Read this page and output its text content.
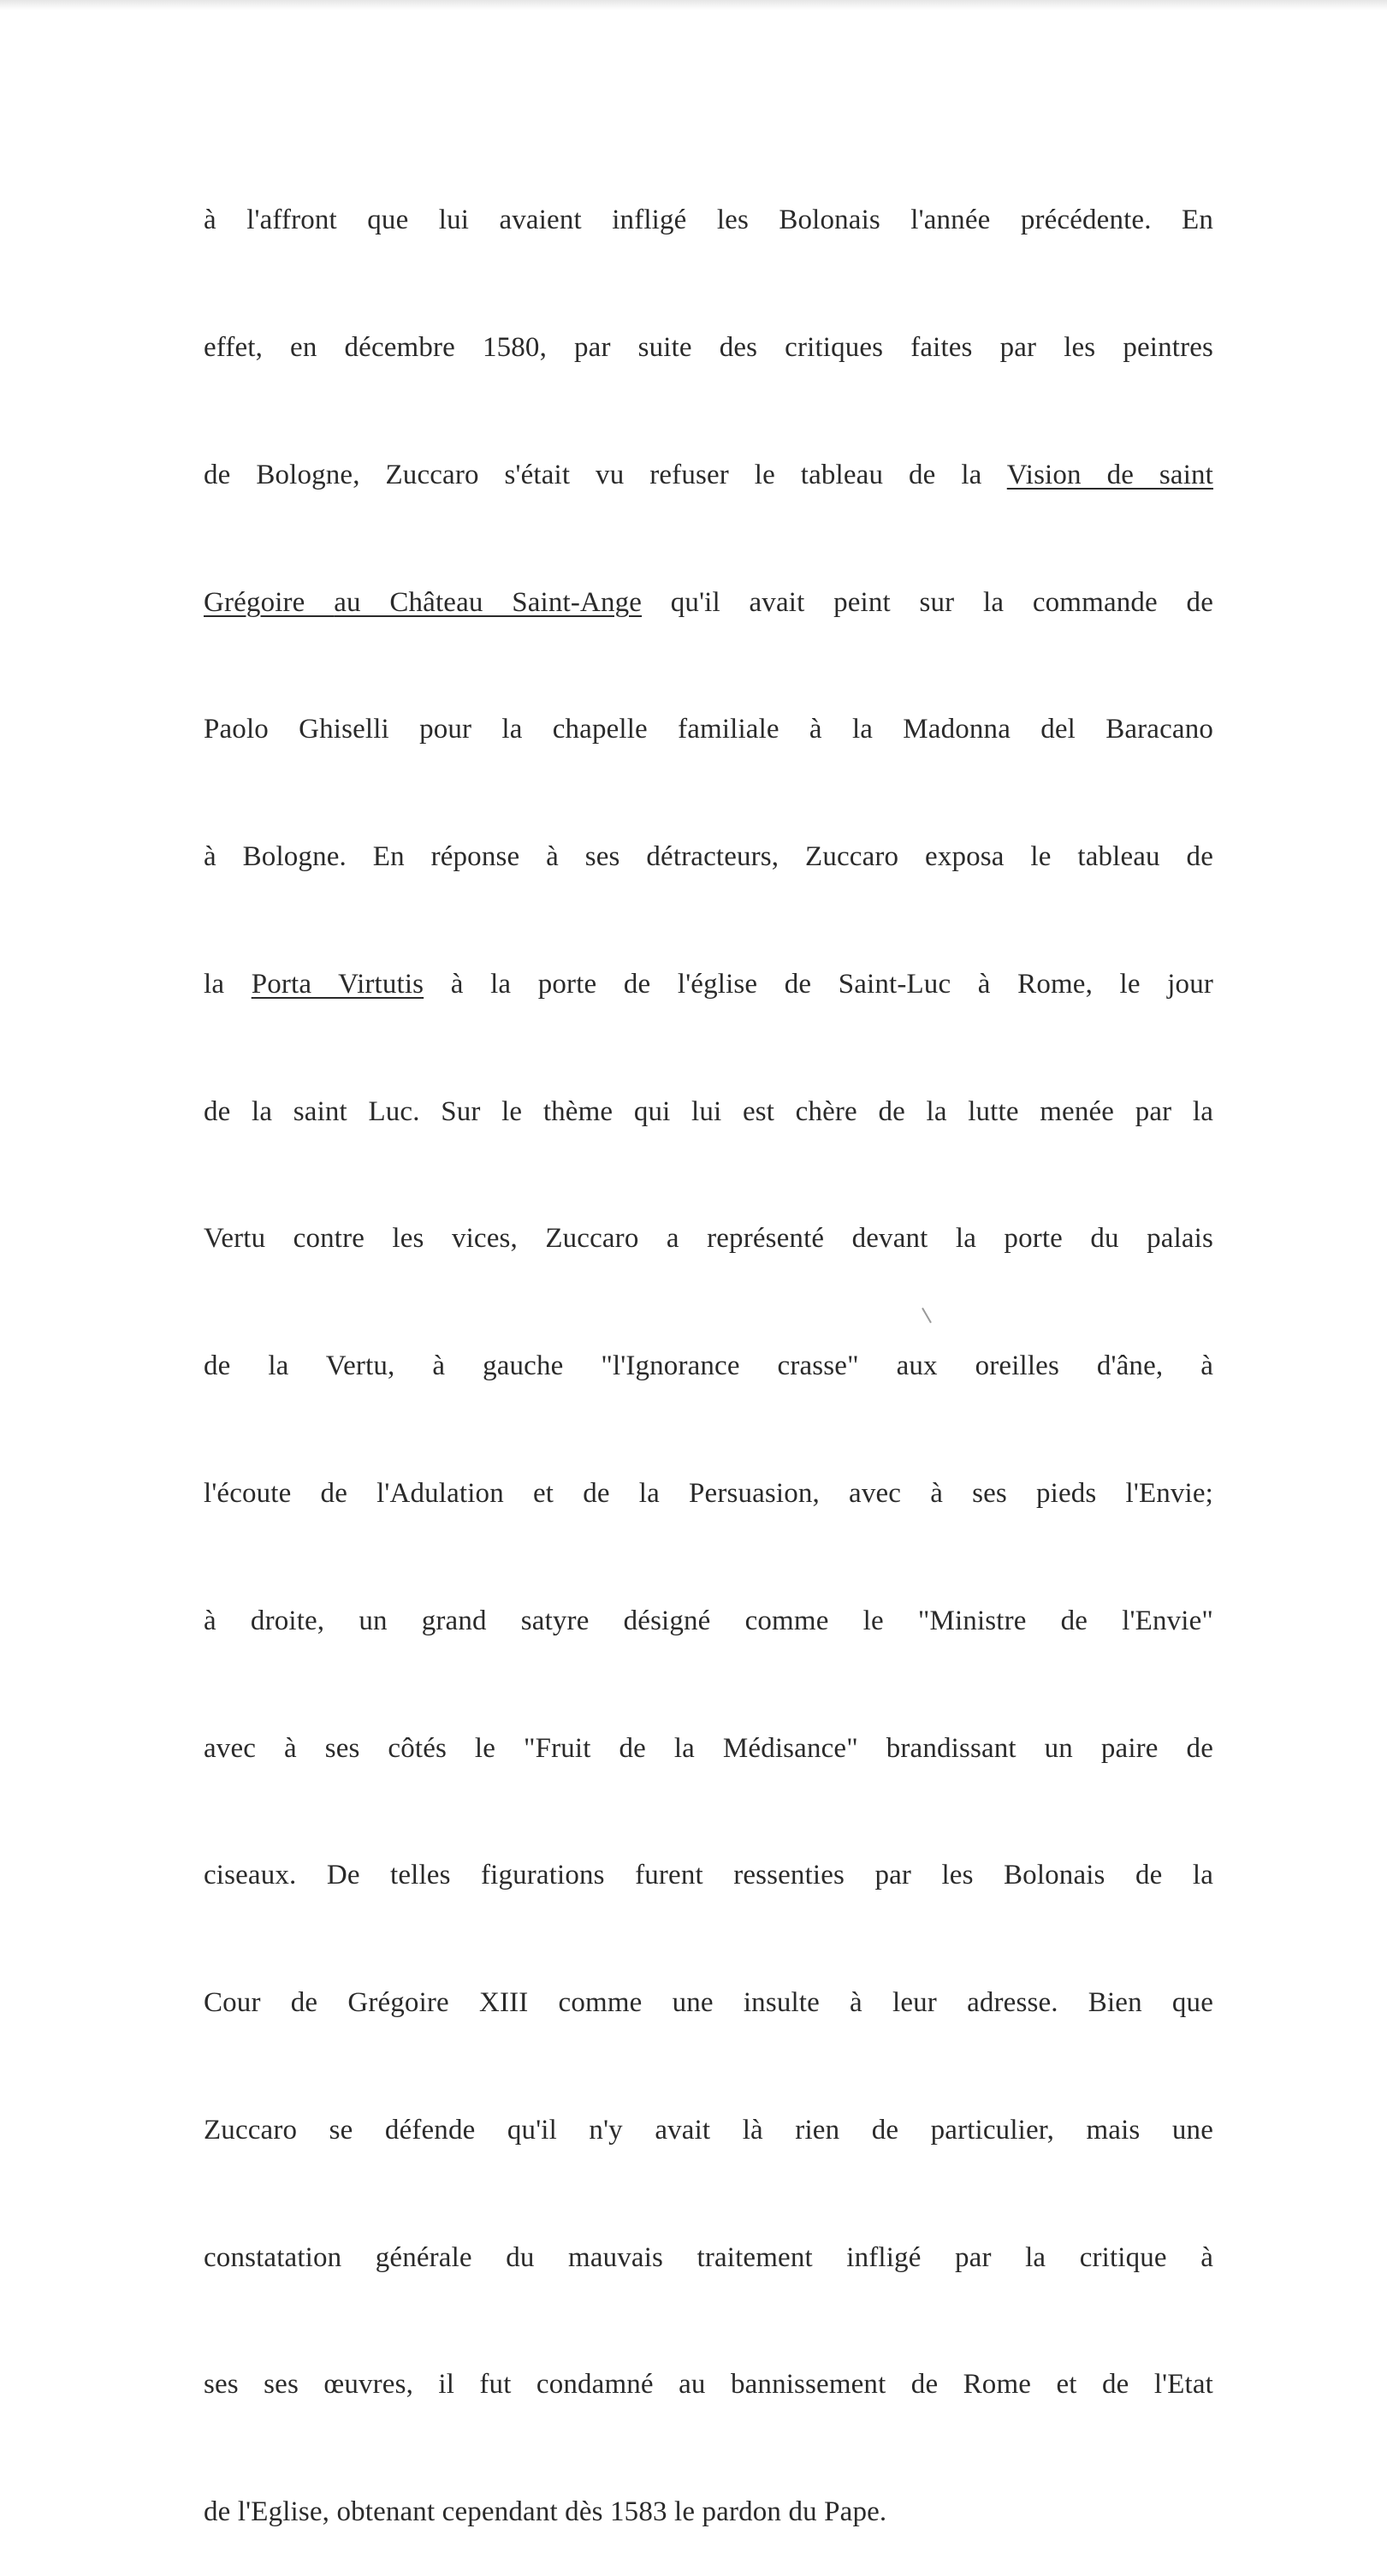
à l'affront que lui avaient infligé les Bolonais l'année précédente. En

effet, en décembre 1580, par suite des critiques faites par les peintres

de Bologne, Zuccaro s'était vu refuser le tableau de la Vision de saint

Grégoire au Château Saint-Ange qu'il avait peint sur la commande de

Paolo Ghiselli pour la chapelle familiale à la Madonna del Baracano

à Bologne. En réponse à ses détracteurs, Zuccaro exposa le tableau de

la Porta Virtutis à la porte de l'église de Saint-Luc à Rome, le jour

de la saint Luc. Sur le thème qui lui est chère de la lutte menée par la

Vertu contre les vices, Zuccaro a représenté devant la porte du palais

de la Vertu, à gauche "l'Ignorance crasse" aux oreilles d'âne, à

l'écoute de l'Adulation et de la Persuasion, avec à ses pieds l'Envie;

à droite, un grand satyre désigné comme le "Ministre de l'Envie"

avec à ses côtés le "Fruit de la Médisance" brandissant un paire de

ciseaux. De telles figurations furent ressenties par les Bolonais de la

Cour de Grégoire XIII comme une insulte à leur adresse. Bien que

Zuccaro se défende qu'il n'y avait là rien de particulier, mais une

constatation générale du mauvais traitement infligé par la critique à

ses ses œuvres, il fut condamné au bannissement de Rome et de l'Etat

de l'Eglise, obtenant cependant dès 1583 le pardon du Pape.
